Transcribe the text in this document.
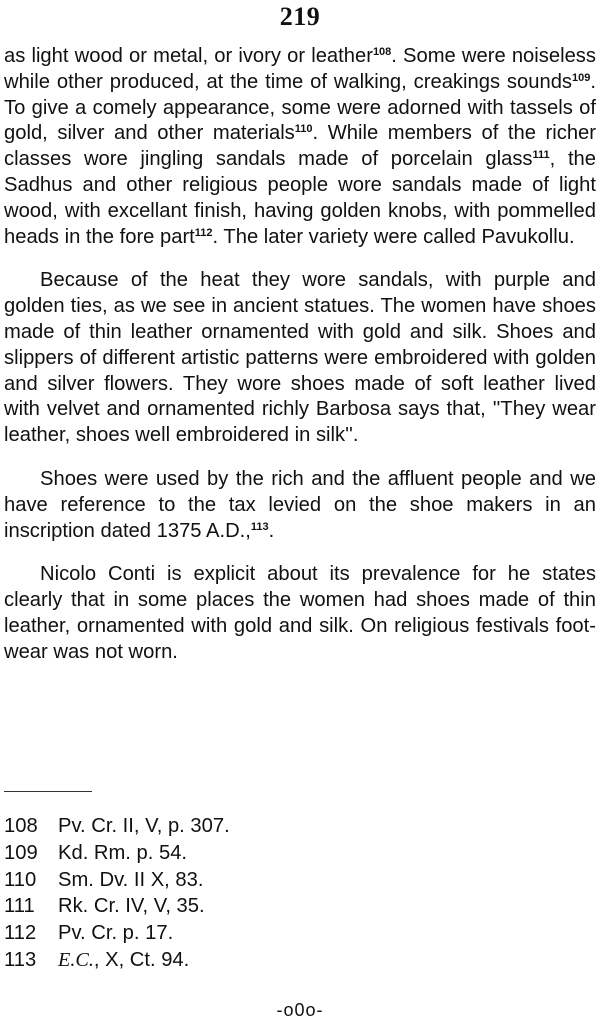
219

as light wood or metal, or ivory or leather$^{108}$. Some were noiseless while other produced, at the time of walking, creakings sounds$^{109}$. To give a comely appearance, some were adorned with tassels of gold, silver and other materials$^{110}$. While members of the richer classes wore jingling sandals made of porcelain glass$^{111}$, the Sadhus and other religious people wore sandals made of light wood, with excellant finish, having golden knobs, with pommelled heads in the fore part$^{112}$. The later variety were called Pavukollu.

Because of the heat they wore sandals, with purple and golden ties, as we see in ancient statues. The women have shoes made of thin leather ornamented with gold and silk. Shoes and slippers of different artistic patterns were embroidered with golden and silver flowers. They wore shoes made of soft leather lived with velvet and ornamented richly Barbosa says that, ''They wear leather, shoes well embroidered in silk''.

Shoes were used by the rich and the affluent people and we have reference to the tax levied on the shoe makers in an inscription dated 1375 A.D.,$^{113}$.

Nicolo Conti is explicit about its prevalence for he states clearly that in some places the women had shoes made of thin leather, ornamented with gold and silk. On religious festivals foot-wear was not worn.

108	Pv. Cr. II, V, p. 307.
109	Kd. Rm. p. 54.
110	Sm. Dv. II X, 83.
111	Rk. Cr. IV, V, 35.
112	Pv. Cr. p. 17.
113	E.C., X, Ct. 94.
-o0o-
